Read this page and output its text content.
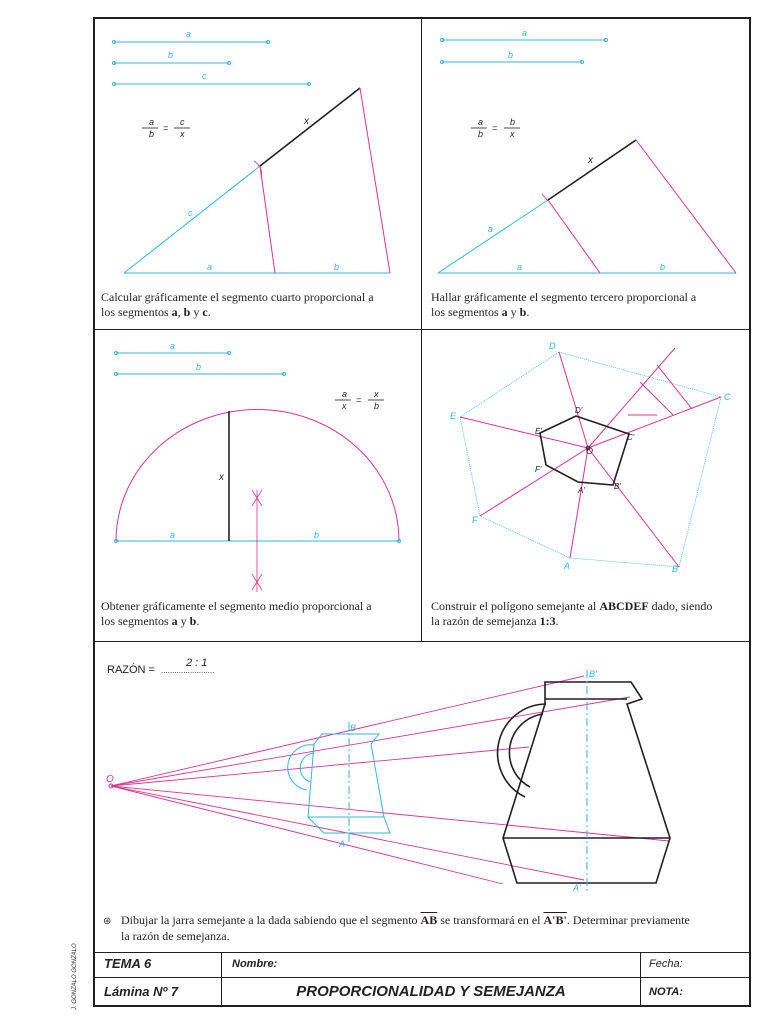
a
b
c
a
b
=
c
x
x
c
a	b
Calcular gráficamente el segmento cuarto proporcional a
los segmentos a, b y c.
a
b
a
b
=
b
x
x
a
a	b
Hallar gráficamente el segmento tercero proporcional a
los segmentos a y b.
a
b
a
x
=
x
b
x
a	b
Obtener gráficamente el segmento medio proporcional a
los segmentos a y b.
D
C
B
A
F
E
O
D'
C'
B'
A'
F'
E'
Construir el polígono semejante al ABCDEF dado, siendo
la razón de semejanza 1:3.
RAZÓN = ........................
2 : 1
B
A
B'
A'
O
⊛ Dibujar la jarra semejante a la dada sabiendo que el segmento $\overline{AB}$ se transformará en el A'B'. Determinar previamente
la razón de semejanza.
TEMA 6	Nombre:	Fecha:
Lámina Nº 7	PROPORCIONALIDAD Y SEMEJANZA	NOTA:
J. GONZALO GONZALO
